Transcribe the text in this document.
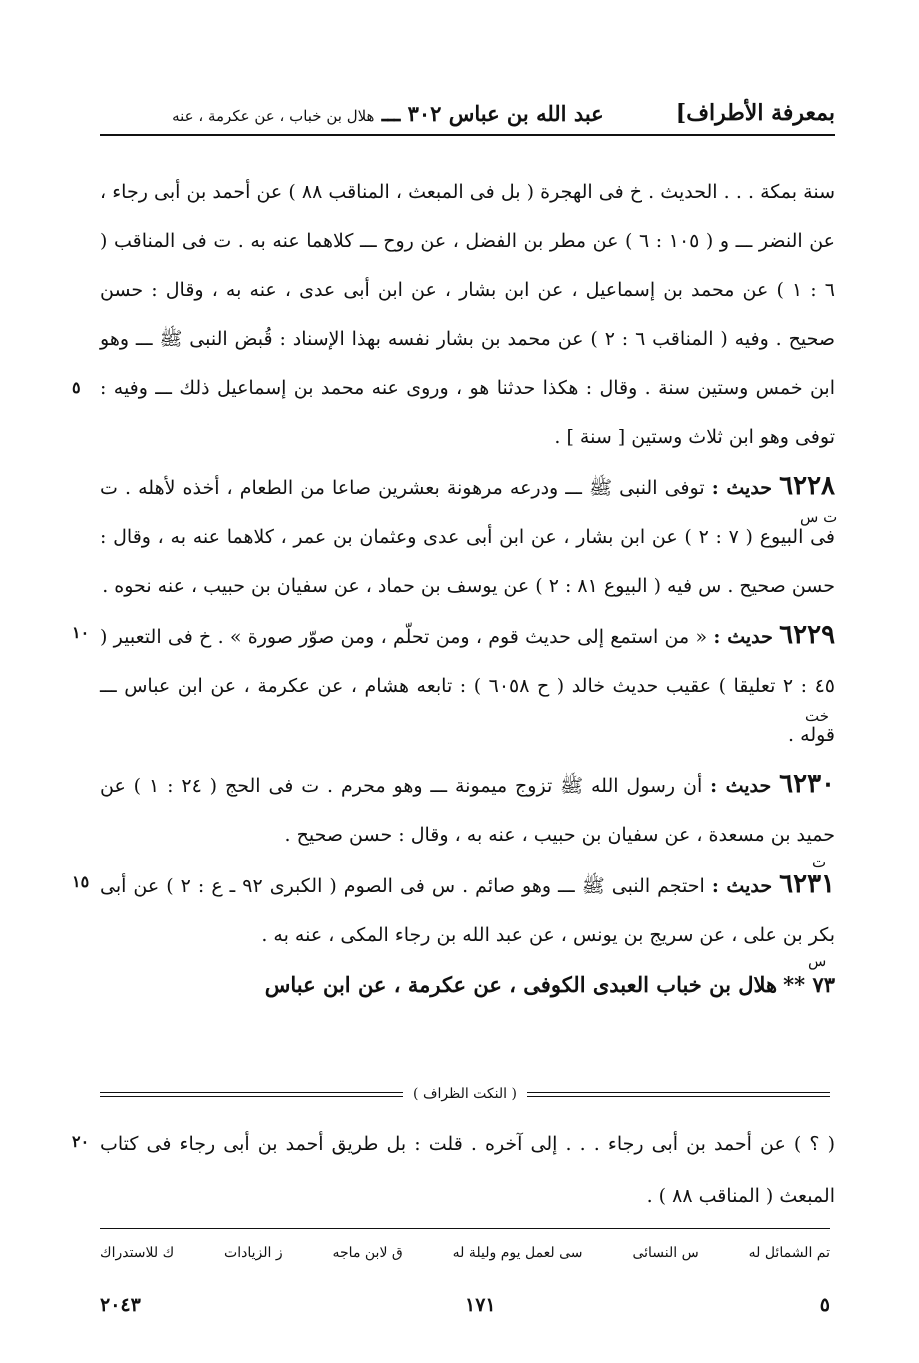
بمعرفة الأطراف]
عبد الله بن عباس ٣٠٢ ـــ هلال بن خباب ، عن عكرمة ، عنه

سنة بمكة . . . الحديث . خ فى الهجرة ( بل فى المبعث ، المناقب ٨٨ ) عن أحمد بن أبى رجاء ، عن النضر ـــ و ( ١٠٥ : ٦ ) عن مطر بن الفضل ، عن روح ـــ كلاهما عنه به . ت فى المناقب ( ٦ : ١ ) عن محمد بن إسماعيل ، عن ابن بشار ، عن ابن أبى عدى ، عنه به ، وقال : حسن صحيح . وفيه ( المناقب ٦ : ٢ ) عن محمد بن بشار نفسه بهذا الإسناد : قُبض النبى ﷺ ـــ وهو ابن خمس وستين سنة . وقال : هكذا حدثنا هو ، وروى عنه محمد بن إسماعيل ذلك ـــ وفيه : توفى وهو ابن ثلاث وستين [ سنة ] .

٦٢٢٨ حديث : توفى النبى ﷺ ـــ ودرعه مرهونة بعشرين صاعا من الطعام ، أخذه لأهله . ت فى البيوع ( ٧ : ٢ ) عن ابن بشار ، عن ابن أبى عدى وعثمان بن عمر ، كلاهما عنه به ، وقال : حسن صحيح . س فيه ( البيوع ٨١ : ٢ ) عن يوسف بن حماد ، عن سفيان بن حبيب ، عنه نحوه .

٦٢٢٩ حديث : « من استمع إلى حديث قوم ، ومن تحلّم ، ومن صوّر صورة » . خ فى التعبير ( ٤٥ : ٢ تعليقا ) عقيب حديث خالد ( ح ٦٠٥٨ ) : تابعه هشام ، عن عكرمة ، عن ابن عباس ـــ قوله .

٦٢٣٠ حديث : أن رسول الله ﷺ تزوج ميمونة ـــ وهو محرم . ت فى الحج ( ٢٤ : ١ ) عن حميد بن مسعدة ، عن سفيان بن حبيب ، عنه به ، وقال : حسن صحيح .

٦٢٣١ حديث : احتجم النبى ﷺ ـــ وهو صائم . س فى الصوم ( الكبرى ٩٢ ـ ع : ٢ ) عن أبى بكر بن على ، عن سريج بن يونس ، عن عبد الله بن رجاء المكى ، عنه به .

٧٣ ** هلال بن خباب العبدى الكوفى ، عن عكرمة ، عن ابن عباس

٥
١٠
١٥
٢٠
ت س
خت
ت
س
( النكت الظراف )

( ؟ ) عن أحمد بن أبى رجاء . . . إلى آخره . قلت : بل طريق أحمد بن أبى رجاء فى كتاب المبعث ( المناقب ٨٨ ) .

تم الشمائل له
س النسائى
سى لعمل يوم وليلة له
ق لابن ماجه
ز الزيادات
ك للاستدراك
٥
١٧١
٢٠٤٣
